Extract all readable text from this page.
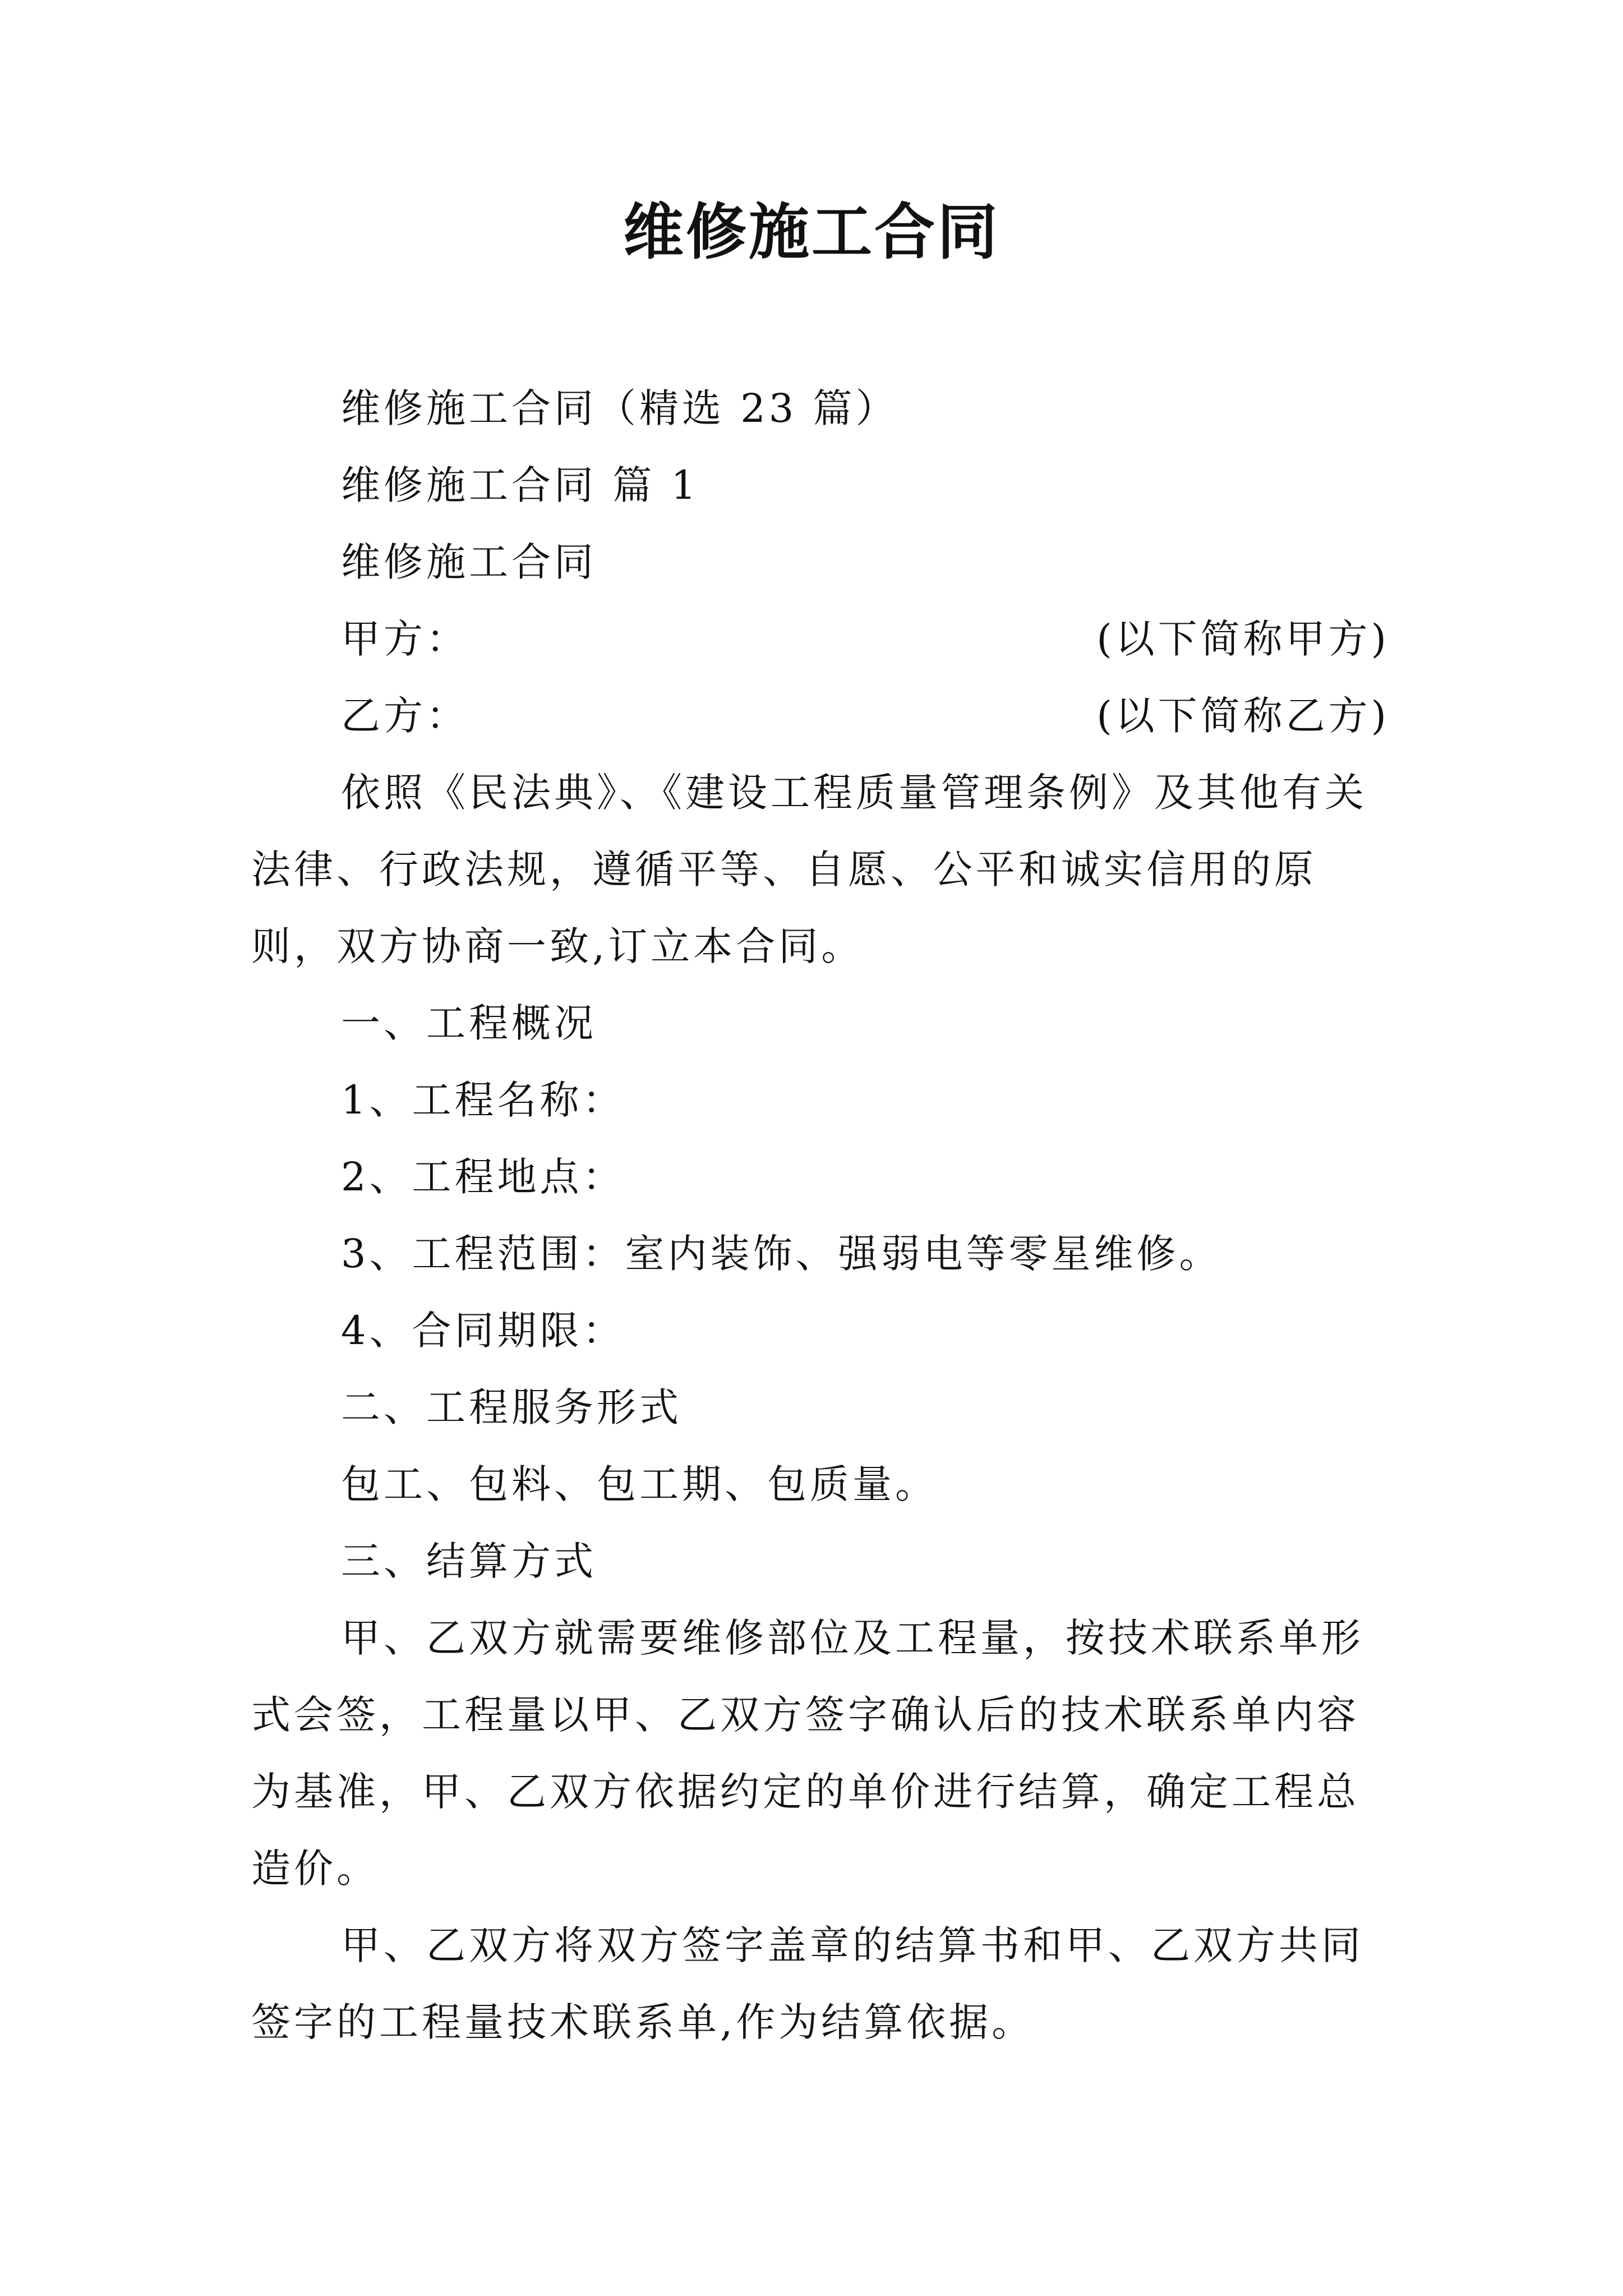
维修施工合同

维修施工合同（精选 23 篇）

维修施工合同 篇 1

维修施工合同

甲方：	(以下简称甲方)
乙方：	(以下简称乙方)

依照《民法典》、《建设工程质量管理条例》及其他有关法律、行政法规，遵循平等、自愿、公平和诚实信用的原则，双方协商一致,订立本合同。

一、工程概况

1、工程名称：

2、工程地点：

3、工程范围：室内装饰、强弱电等零星维修。

4、合同期限：

二、工程服务形式

包工、包料、包工期、包质量。

三、结算方式

甲、乙双方就需要维修部位及工程量，按技术联系单形式会签，工程量以甲、乙双方签字确认后的技术联系单内容为基准，甲、乙双方依据约定的单价进行结算，确定工程总造价。

甲、乙双方将双方签字盖章的结算书和甲、乙双方共同签字的工程量技术联系单,作为结算依据。
